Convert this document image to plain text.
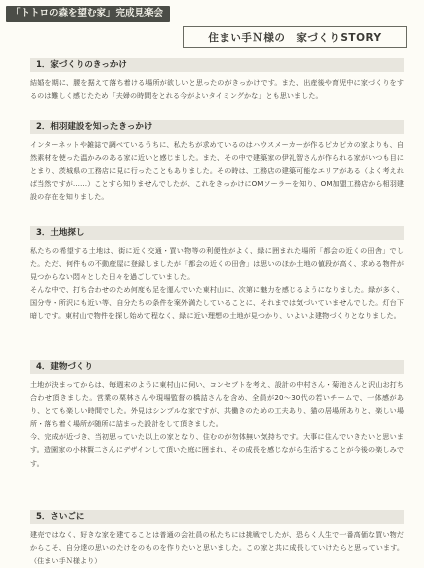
「トトロの森を望む家」完成見楽会
住まい手Ｎ様の　家づくりSTORY
1．家づくりのきっかけ

結婚を期に、腰を据えて落ち着ける場所が欲しいと思ったのがきっかけです。また、出産後や育児中に家づくりをするのは難しく感じたため「夫婦の時間をとれる今がよいタイミングかな」とも思いました。

2．相羽建設を知ったきっかけ

インターネットや雑誌で調べているうちに、私たちが求めているのはハウスメーカーが作るピカピカの家よりも、自然素材を使った温かみのある家に近いと感じました。また、その中で建築家の伊礼智さんが作られる家がいつも目にとまり、茨城県の工務店に見に行ったこともありました。その時は、工務店の建築可能なエリアがある（よく考えれば当然ですが……）ことすら知りませんでしたが、これをきっかけにOMソーラーを知り、OM加盟工務店から相羽建設の存在を知りました。

3．土地探し

私たちの希望する土地は、街に近く交通・買い物等の利便性がよく、緑に囲まれた場所「都会の近くの田舎」でした。ただ、何件もの不動産屋に登録しましたが「都会の近くの田舎」は思いのほか土地の値段が高く、求める物件が見つからない悶々とした日々を過ごしていました。

そんな中で、打ち合わせのため何度も足を運んでいた東村山に、次第に魅力を感じるようになりました。緑が多く、国分寺・所沢にも近い等、自分たちの条件を案外満たしていることに、それまでは気づいていませんでした。灯台下暗しです。東村山で物件を探し始めて程なく、緑に近い理想の土地が見つかり、いよいよ建物づくりとなりました。

4．建物づくり

土地が決まってからは、毎週末のように東村山に伺い、コンセプトを考え、設計の中村さん・菊池さんと沢山お打ち合わせ頂きました。営業の栗林さんや現場監督の橋詰さんを含め、全員が20～30代の若いチームで、一体感があり、とても楽しい時間でした。外見はシンプルな家ですが、共働きのための工夫あり、猫の居場所ありと、楽しい場所・落ち着く場所が随所に詰まった設計をして頂きました。

今、完成が近づき、当初思っていた以上の家となり、住むのが勿体無い気持ちです。大事に住んでいきたいと思います。造園家の小林賢二さんにデザインして頂いた庭に囲まれ、その成長を感じながら生活することが今後の楽しみです。

5．さいごに

建売ではなく、好きな家を建てることは普通の会社員の私たちには挑戦でしたが、恐らく人生で一番高価な買い物だからこそ、自分達の思いのたけをのものを作りたいと思いました。この家と共に成長していけたらと思っています。（住まい手Ｎ様より）
